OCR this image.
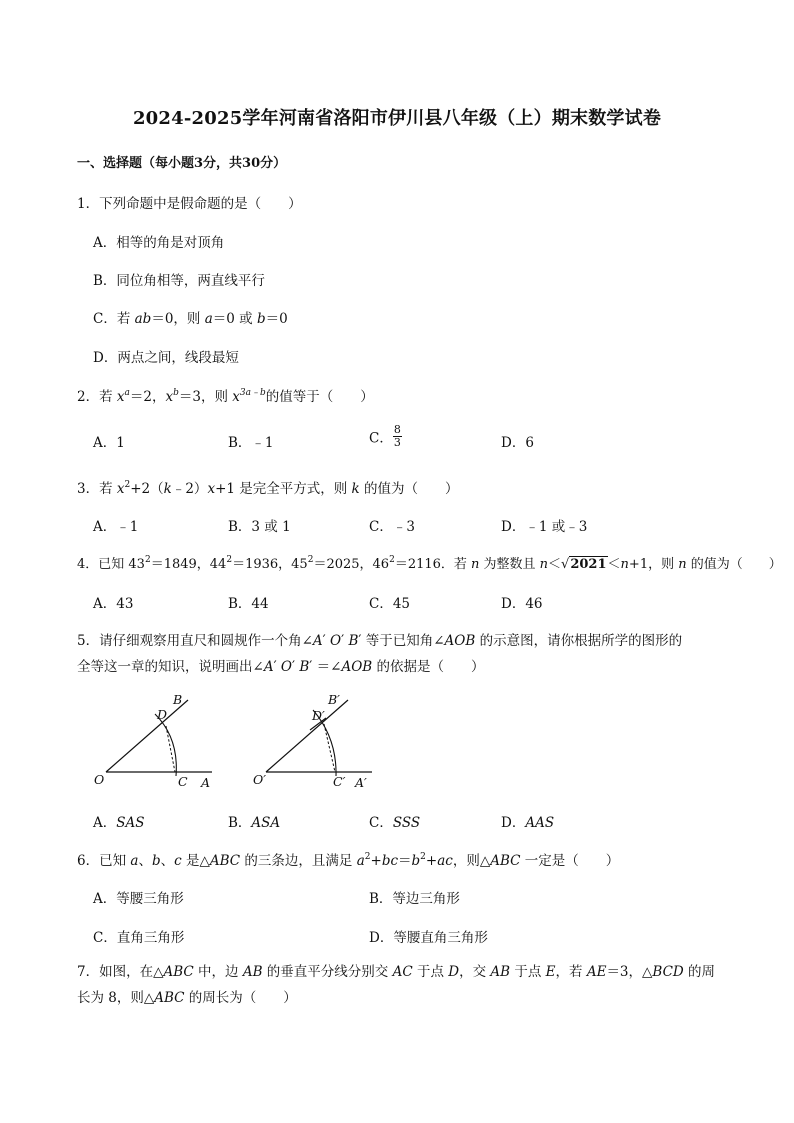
2024-2025学年河南省洛阳市伊川县八年级（上）期末数学试卷
一、选择题（每小题3分，共30分）
1．下列命题中是假命题的是（　　）
A．相等的角是对顶角
B．同位角相等，两直线平行
C．若 ab＝0，则 a＝0 或 b＝0
D．两点之间，线段最短
2．若 $x^a=2$，$x^b=3$，则 $x^{3a﹣b}$的值等于（　　）
A．1	B．﹣1	C． $\frac{8}{3}$	D．6
3．若 $x^2+2(k﹣2)x+1$ 是完全平方式，则 k 的值为（　　）
A．﹣1	B．3 或 1	C．﹣3	D．﹣1 或﹣3
4．已知 $43^2=1849$，$44^2=1936$，$45^2=2025$，$46^2=2116$．若 n 为整数且 n＜√2021＜n+1，则 n 的值为（　　）
A．43	B．44	C．45	D．46
5．请仔细观察用直尺和圆规作一个角∠A′ O′ B′ 等于已知角∠AOB 的示意图，请你根据所学的图形的
全等这一章的知识，说明画出∠A′ O′ B′ ＝∠AOB 的依据是（　　）
O	C A
B
D
O′	C′ A′
B′
D′
A．SAS	B．ASA	C．SSS	D．AAS
6．已知 a、b、c 是△ABC 的三条边，且满足 $a^2+bc=b^2+ac$，则△ABC 一定是（　　）
A．等腰三角形	B．等边三角形
C．直角三角形	D．等腰直角三角形
7．如图，在△ABC 中，边 AB 的垂直平分线分别交 AC 于点 D，交 AB 于点 E，若 AE＝3，△BCD 的周长为 8，则△ABC 的周长为（　　）
